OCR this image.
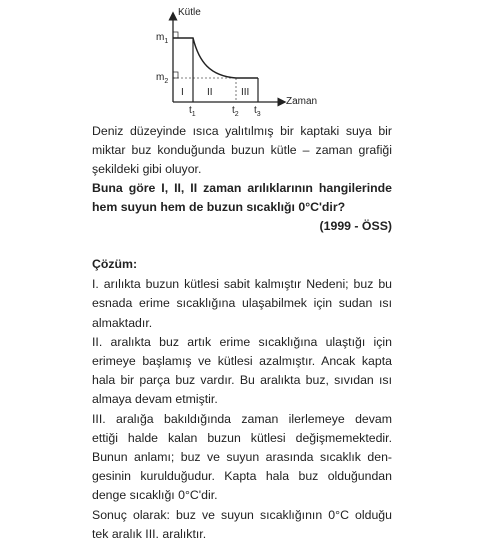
Kütle
Zaman
$m_1$
$m_2$
$t_1$	$t_2$ $t_3$
I II	III

Deniz düzeyinde ısıca yalıtılmış bir kaptaki suya bir

miktar buz konduğunda buzun kütle – zaman grafiği

şekildeki gibi oluyor.

Buna göre I, II, II zaman arılıklarının hangilerinde

hem suyun hem de buzun sıcaklığı 0°C'dir?

(1999 - ÖSS)

Çözüm:

I. arılıkta buzun kütlesi sabit kalmıştır Nedeni; buz bu

esnada erime sıcaklığına ulaşabilmek için sudan ısı

almaktadır.

II. aralıkta buz artık erime sıcaklığına ulaştığı için

erimeye başlamış ve kütlesi azalmıştır. Ancak kapta

hala bir parça buz vardır. Bu aralıkta buz, sıvıdan ısı

almaya devam etmiştir.

III. aralığa bakıldığında zaman ilerlemeye devam

ettiği halde kalan buzun kütlesi değişmemektedir.

Bunun anlamı; buz ve suyun arasında sıcaklık den-

gesinin kurulduğudur. Kapta hala buz olduğundan

denge sıcaklığı 0°C'dir.

Sonuç olarak: buz ve suyun sıcaklığının 0°C olduğu

tek aralık III. aralıktır.
